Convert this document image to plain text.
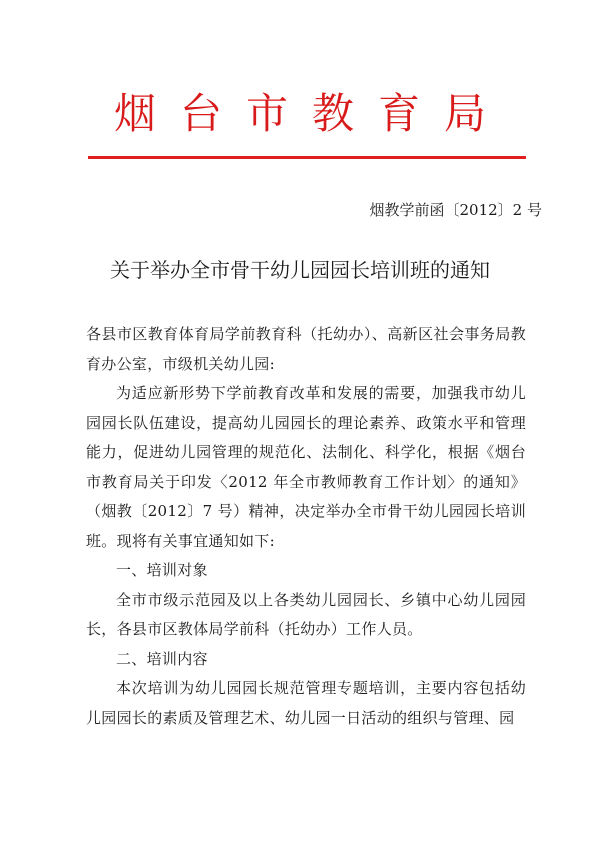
烟台市教育局
烟教学前函〔2012〕2 号
关于举办全市骨干幼儿园园长培训班的通知

各县市区教育体育局学前教育科（托幼办）、高新区社会事务局教育办公室，市级机关幼儿园:

为适应新形势下学前教育改革和发展的需要，加强我市幼儿园园长队伍建设，提高幼儿园园长的理论素养、政策水平和管理能力，促进幼儿园管理的规范化、法制化、科学化，根据《烟台市教育局关于印发〈2012 年全市教师教育工作计划〉的通知》（烟教〔2012〕7 号）精神，决定举办全市骨干幼儿园园长培训班。现将有关事宜通知如下:

一、培训对象

全市市级示范园及以上各类幼儿园园长、乡镇中心幼儿园园长，各县市区教体局学前科（托幼办）工作人员。

二、培训内容

本次培训为幼儿园园长规范管理专题培训，主要内容包括幼儿园园长的素质及管理艺术、幼儿园一日活动的组织与管理、园
